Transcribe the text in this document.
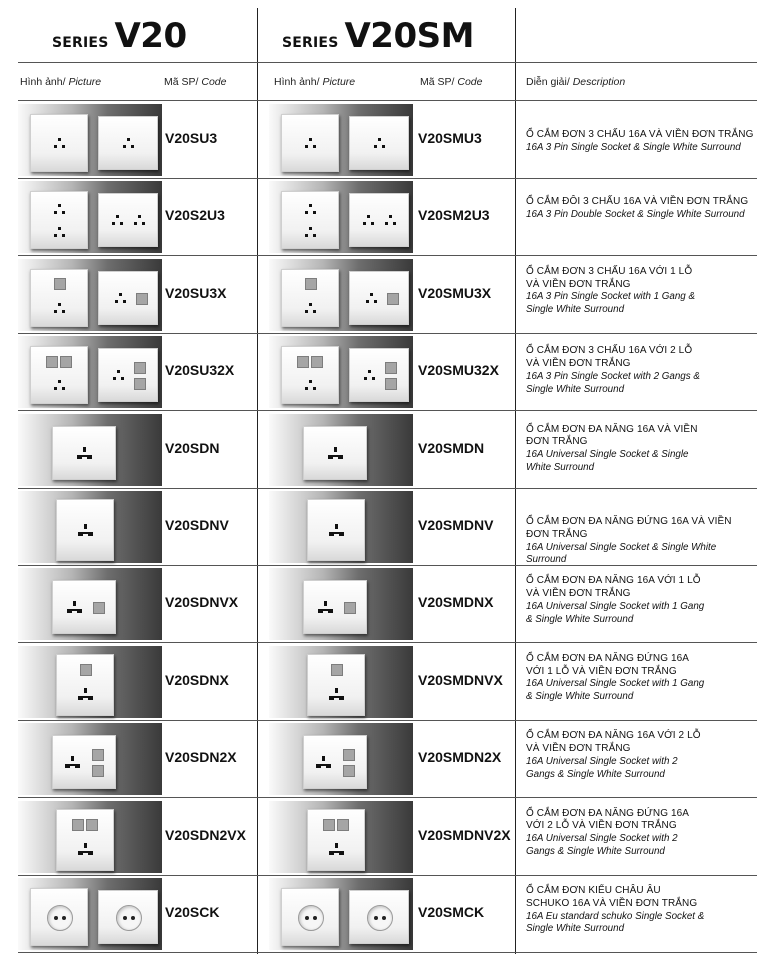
SERIES V20	SERIES V20SM
Hình ảnh/ Picture	Mã SP/ Code	Hình ảnh/ Picture	Mã SP/ Code	Diễn giải/ Description
V20SU3	V20SMU3	Ổ CẮM ĐƠN 3 CHẤU 16A VÀ VIỀN ĐƠN TRẮNG
16A 3 Pin Single Socket & Single White Surround
V20S2U3	V20SM2U3
Ổ CẮM ĐÔI 3 CHẤU 16A VÀ VIỀN ĐƠN TRẮNG
16A 3 Pin Double Socket & Single White Surround
V20SU3X	V20SMU3X
Ổ CẮM ĐƠN 3 CHẤU 16A VỚI 1 LỖ VÀ VIỀN ĐƠN TRẮNG
16A 3 Pin Single Socket with 1 Gang & Single White Surround
V20SU32X	V20SMU32X
Ổ CẮM ĐƠN 3 CHẤU 16A VỚI 2 LỖ VÀ VIỀN ĐƠN TRẮNG
16A 3 Pin Single Socket with 2 Gangs & Single White Surround
V20SDN	V20SMDN
Ổ CẮM ĐƠN ĐA NĂNG 16A VÀ VIỀN ĐƠN TRẮNG
16A Universal Single Socket & Single White Surround
V20SDNV	V20SMDNV	Ổ CẮM ĐƠN ĐA NĂNG ĐỨNG 16A VÀ VIỀN ĐƠN TRẮNG
16A Universal Single Socket & Single White Surround
V20SDNVX	V20SMDNX
Ổ CẮM ĐƠN ĐA NĂNG 16A VỚI 1 LỖ VÀ VIỀN ĐƠN TRẮNG
16A Universal Single Socket with 1 Gang & Single White Surround
V20SDNX	V20SMDNVX
Ổ CẮM ĐƠN ĐA NĂNG ĐỨNG 16A VỚI 1 LỖ VÀ VIỀN ĐƠN TRẮNG
16A Universal Single Socket with 1 Gang & Single White Surround
V20SDN2X	V20SMDN2X
Ổ CẮM ĐƠN ĐA NĂNG 16A VỚI 2 LỖ VÀ VIỀN ĐƠN TRẮNG
16A Universal Single Socket with 2 Gangs & Single White Surround
V20SDN2VX	V20SMDNV2X
Ổ CẮM ĐƠN ĐA NĂNG ĐỨNG 16A VỚI 2 LỖ VÀ VIỀN ĐƠN TRẮNG
16A Universal Single Socket with 2 Gangs & Single White Surround
V20SCK	V20SMCK
Ổ CẮM ĐƠN KIỂU CHÂU ÂU SCHUKO 16A VÀ VIỀN ĐƠN TRẮNG
16A Eu standard schuko Single Socket & Single White Surround
